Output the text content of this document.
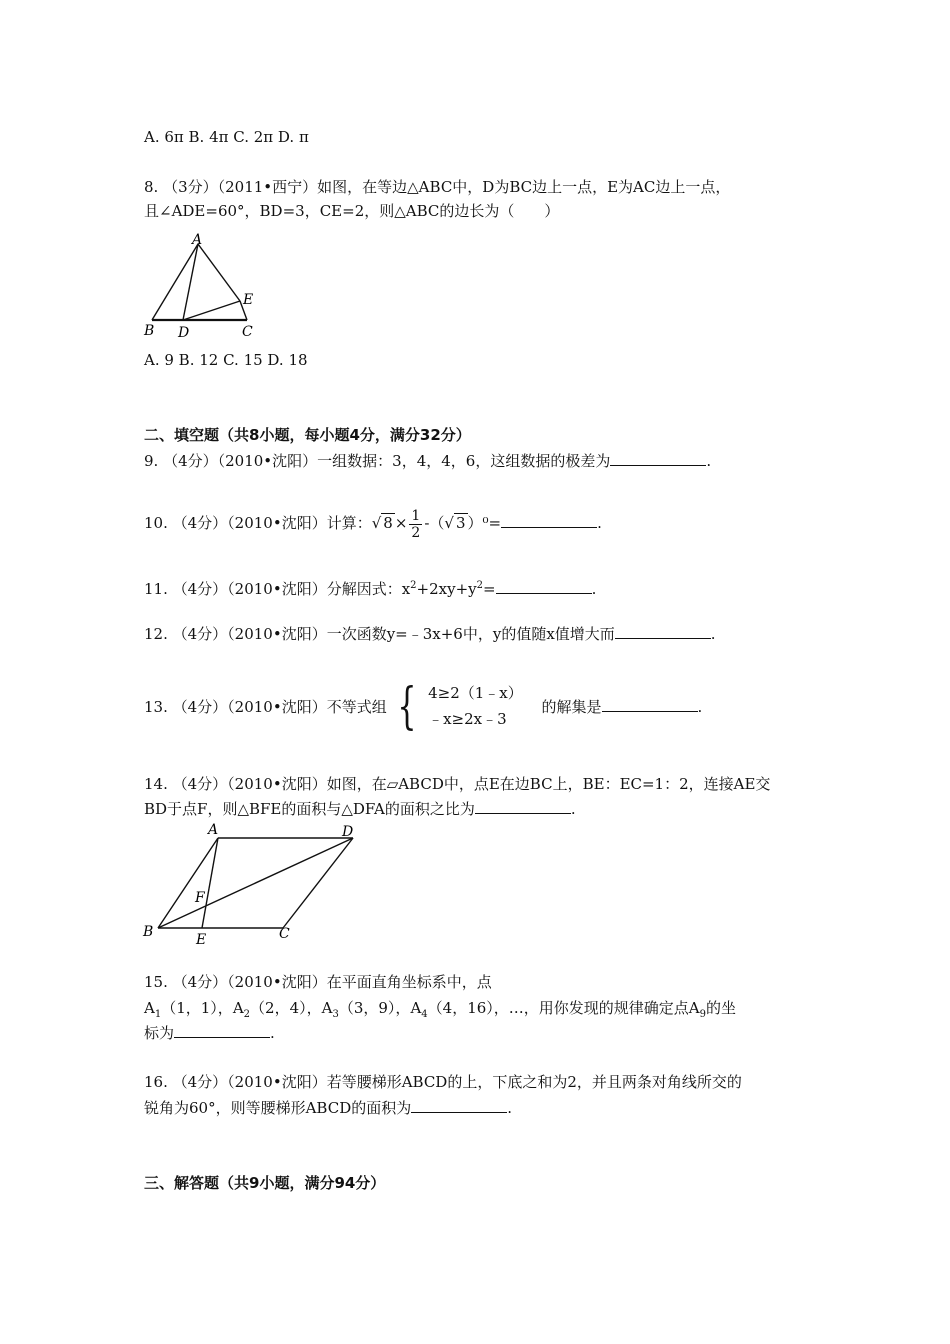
A. 6π B. 4π C. 2π D. π
8. （3分）（2011•西宁）如图，在等边△ABC中，D为BC边上一点，E为AC边上一点，
且∠ADE=60°，BD=3，CE=2，则△ABC的边长为（　　）
A
B D	C
E
A. 9 B. 12 C. 15 D. 18
二、填空题（共8小题，每小题4分，满分32分）
9. （4分）（2010•沈阳）一组数据：3，4，4，6，这组数据的极差为	.
10. （4分）（2010•沈阳）计算：√ $8 \times \frac{1}{2}$ -（√ 3 ）⁰=	.
11. （4分）（2010•沈阳）分解因式：$x^2+2xy+y^2=$	.
12. （4分）（2010•沈阳）一次函数y=﹣3x+6中，y的值随x值增大而	.
13. （4分）（2010•沈阳）不等式组 { 4≥2（1﹣x）
﹣x≥2x﹣3
的解集是	.
14. （4分）（2010•沈阳）如图，在▱ABCD中，点E在边BC上，BE：EC=1：2，连接AE交
BD于点F，则△BFE的面积与△DFA的面积之比为	.
A	D
B	E	C
F
15. （4分）（2010•沈阳）在平面直角坐标系中，点
$A_1(1$，1），$A_2(2$，4），$A_3(3$，9），$A_4(4$，16），…，用你发现的规律确定点$A_9$的坐
标为	.
16. （4分）（2010•沈阳）若等腰梯形ABCD的上，下底之和为2，并且两条对角线所交的
锐角为60°，则等腰梯形ABCD的面积为	.
三、解答题（共9小题，满分94分）
